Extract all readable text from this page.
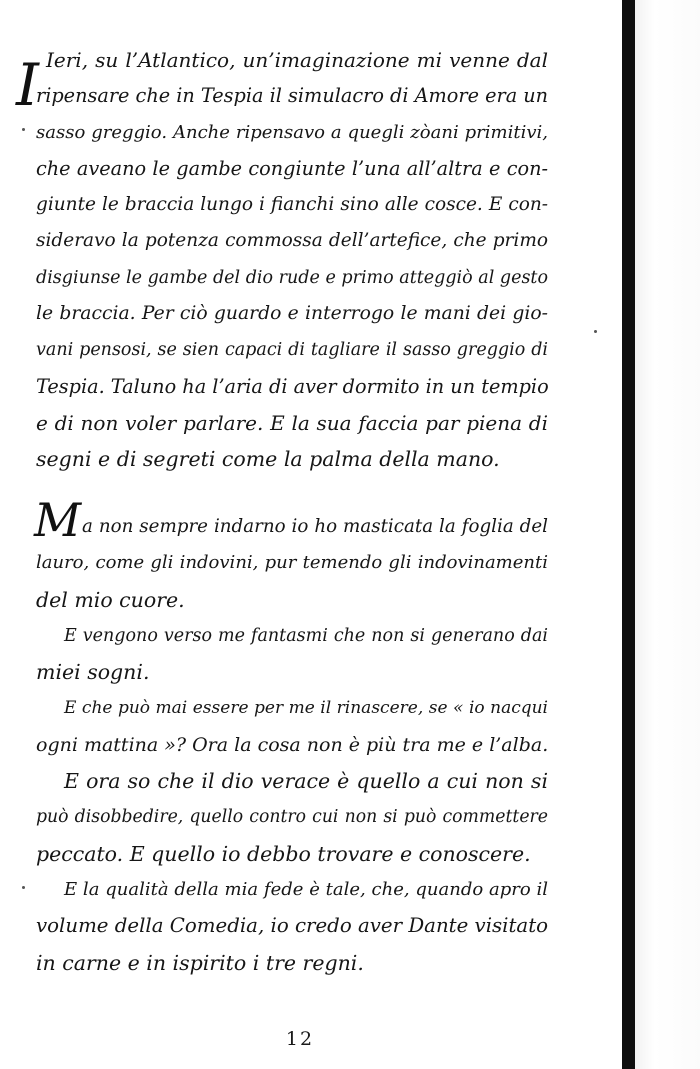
I Ieri, su l’Atlantico, un’imaginazione mi venne dal
ripensare che in Tespia il simulacro di Amore era un
sasso greggio. Anche ripensavo a quegli zòani primitivi,
che aveano le gambe congiunte l’una all’altra e con-
giunte le braccia lungo i fianchi sino alle cosce. E con-
sideravo la potenza commossa dell’artefice, che primo
disgiunse le gambe del dio rude e primo atteggiò al gesto
le braccia. Per ciò guardo e interrogo le mani dei gio-
vani pensosi, se sien capaci di tagliare il sasso greggio di
Tespia. Taluno ha l’aria di aver dormito in un tempio
e di non voler parlare. E la sua faccia par piena di
segni e di segreti come la palma della mano.
M a non sempre indarno io ho masticata la foglia del
lauro, come gli indovini, pur temendo gli indovinamenti
del mio cuore.
E vengono verso me fantasmi che non si generano dai
miei sogni.
E che può mai essere per me il rinascere, se « io nacqui
ogni mattina »? Ora la cosa non è più tra me e l’alba.
E ora so che il dio verace è quello a cui non si
può disobbedire, quello contro cui non si può commettere
peccato. E quello io debbo trovare e conoscere.
E la qualità della mia fede è tale, che, quando apro il
volume della Comedia, io credo aver Dante visitato
in carne e in ispirito i tre regni.
12
